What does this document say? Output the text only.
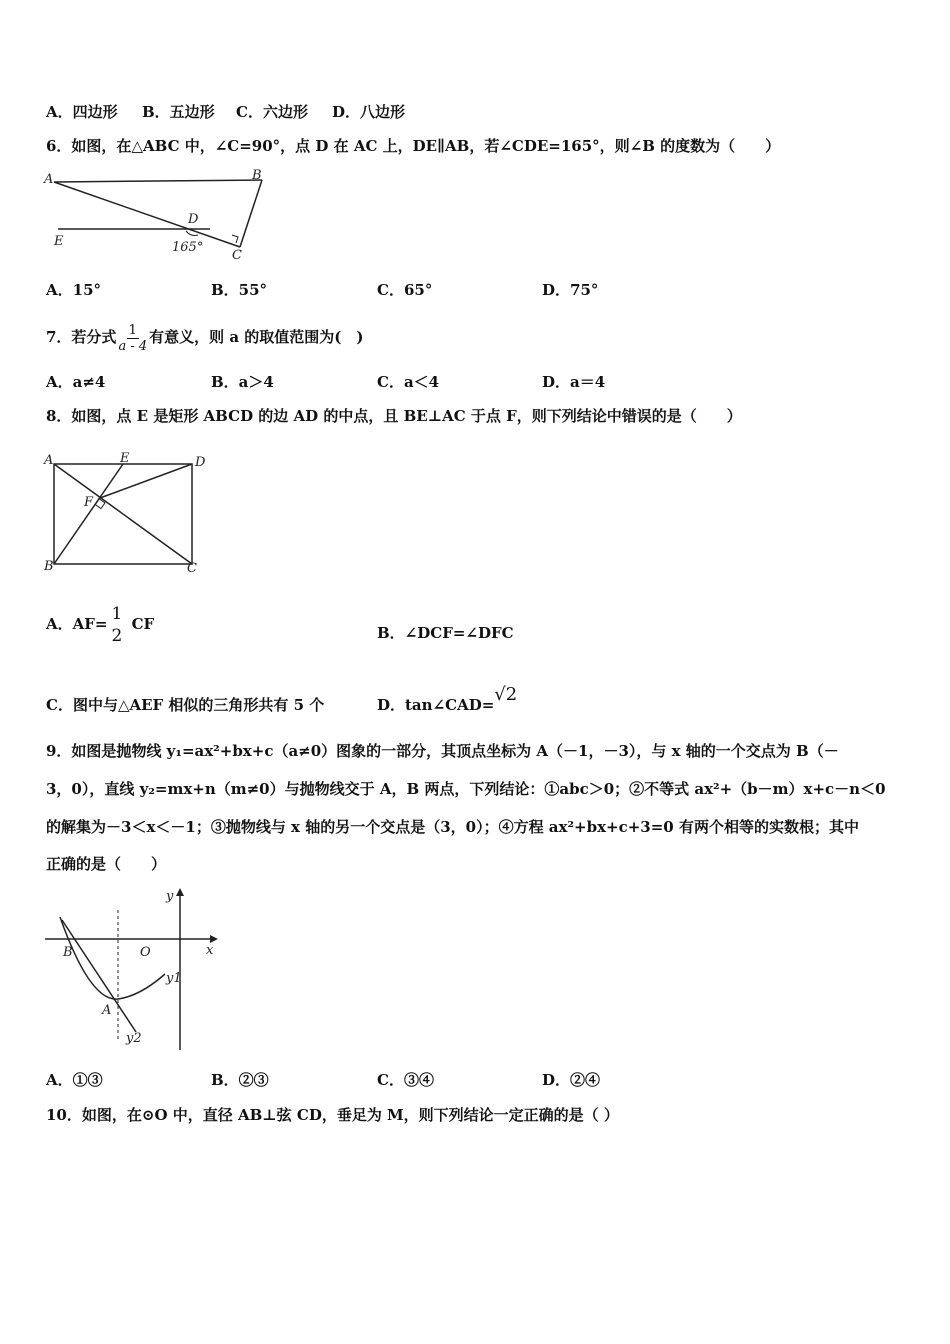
A．四边形 B．五边形 C．六边形 D．八边形
6．如图，在△ABC 中，∠C=90°，点 D 在 AC 上，DE∥AB，若∠CDE=165°，则∠B 的度数为（　　）
A	B
D
E
C
165°
A．15°	B．55°	C．65°	D．75°
7．若分式 $\frac{1}{a - 4}$ 有意义，则 a 的取值范围为(　)
A．a≠4	B．a＞4	C．a＜4	D．a＝4
8．如图，点 E 是矩形 ABCD 的边 AD 的中点，且 BE⊥AC 于点 F，则下列结论中错误的是（　　）
A	E	D
F
B	C
A．AF= 1
2
CF	B．∠DCF=∠DFC
C．图中与△AEF 相似的三角形共有 5 个	D．tan∠CAD=√2
9．如图是抛物线 y₁=ax²+bx+c（a≠0）图象的一部分，其顶点坐标为 A（－1，－3），与 x 轴的一个交点为 B（－
3，0），直线 y₂=mx+n（m≠0）与抛物线交于 A，B 两点，下列结论：①abc＞0；②不等式 ax²+（b－m）x+c－n＜0
的解集为－3＜x＜－1；③抛物线与 x 轴的另一个交点是（3，0）；④方程 ax²+bx+c+3=0 有两个相等的实数根；其中
正确的是（　　）
y
B	O	x
y1
A
y2
A．①③	B．②③	C．③④	D．②④
10．如图，在⊙O 中，直径 AB⊥弦 CD，垂足为 M，则下列结论一定正确的是（ ）
